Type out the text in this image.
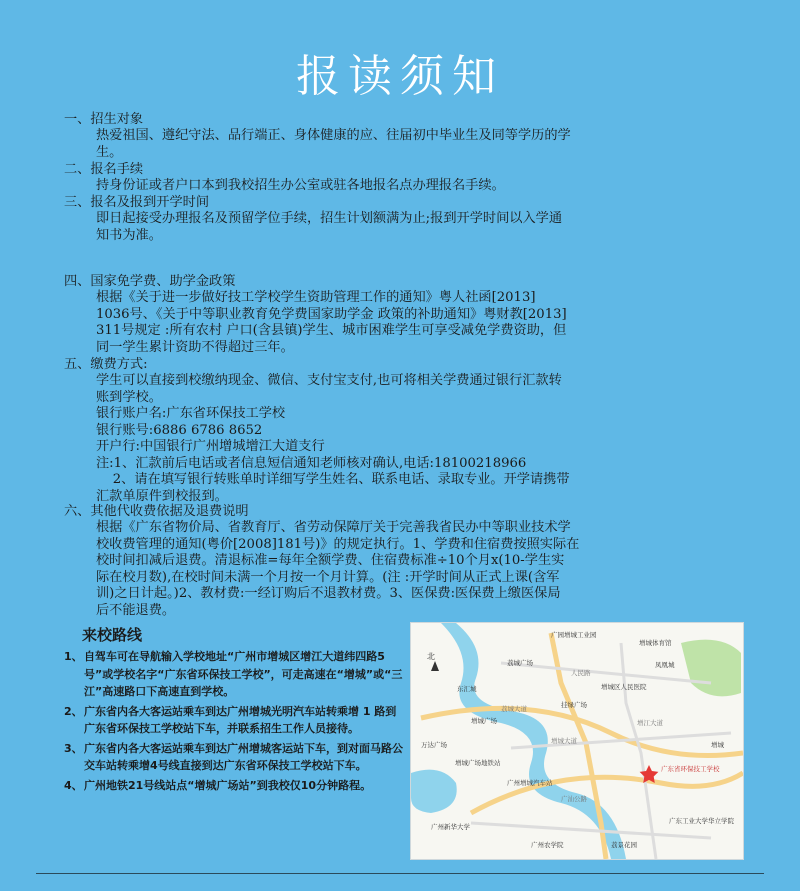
报读须知
一、招生对象
热爱祖国、遵纪守法、品行端正、身体健康的应、往届初中毕业生及同等学历的学
生。
二、报名手续
持身份证或者户口本到我校招生办公室或驻各地报名点办理报名手续。
三、报名及报到开学时间
即日起接受办理报名及预留学位手续，招生计划额满为止;报到开学时间以入学通
知书为准。
四、国家免学费、助学金政策
根据《关于进一步做好技工学校学生资助管理工作的通知》粤人社函[2013]
1036号、《关于中等职业教育免学费国家助学金 政策的补助通知》粤财教[2013]
311号规定 :所有农村 户口(含县镇)学生、城市困难学生可享受减免学费资助，但
同一学生累计资助不得超过三年。
五、缴费方式:
学生可以直接到校缴纳现金、微信、支付宝支付,也可将相关学费通过银行汇款转
账到学校。
银行账户名:广东省环保技工学校
银行账号:6886 6786 8652
开户行:中国银行广州增城增江大道支行
注:1、汇款前后电话或者信息短信通知老师核对确认,电话:18100218966
2、请在填写银行转账单时详细写学生姓名、联系电话、录取专业。开学请携带
汇款单原件到校报到。
六、其他代收费依据及退费说明
根据《广东省物价局、省教育厅、省劳动保障厅关于完善我省民办中等职业技术学
校收费管理的通知(粤价[2008]181号)》的规定执行。1、学费和住宿费按照实际在
校时间扣减后退费。清退标准=每年全额学费、住宿费标准÷10个月x(10-学生实
际在校月数),在校时间未满一个月按一个月计算。(注 :开学时间从正式上课(含军
训)之日计起。)2、教材费:一经订购后不退教材费。3、医保费:医保费上缴医保局
后不能退费。
来校路线
1、 自驾车可在导航输入学校地址“广州市增城区增江大道纬四路5号”或学校名字“广东省环保技工学校”，可走高速在“增城”或“三江”高速路口下高速直到学校。
2、 广东省内各大客运站乘车到达广州增城光明汽车站转乘增 1 路到广东省环保技工学校站下车，并联系招生工作人员接待。
3、 广东省内各大客运站乘车到达广州增城客运站下车，到对面马路公交车站转乘增4号线直接到达广东省环保技工学校站下车。
4、 广州地铁21号线站点“增城广场站”到我校仅10分钟路程。
北
广园增城工业园
增城体育馆
荔城广场	凤凰城
增城区人民医院
东汇城
挂绿广场
增城广场
万达广场	增城
增城广场地铁站
广东省环保技工学校
广州增城汽车站
广东工业大学华立学院
广州新华大学
荔景花园
广州农学院
荔城大道
增城大道
广汕公路
人民路
增江大道
